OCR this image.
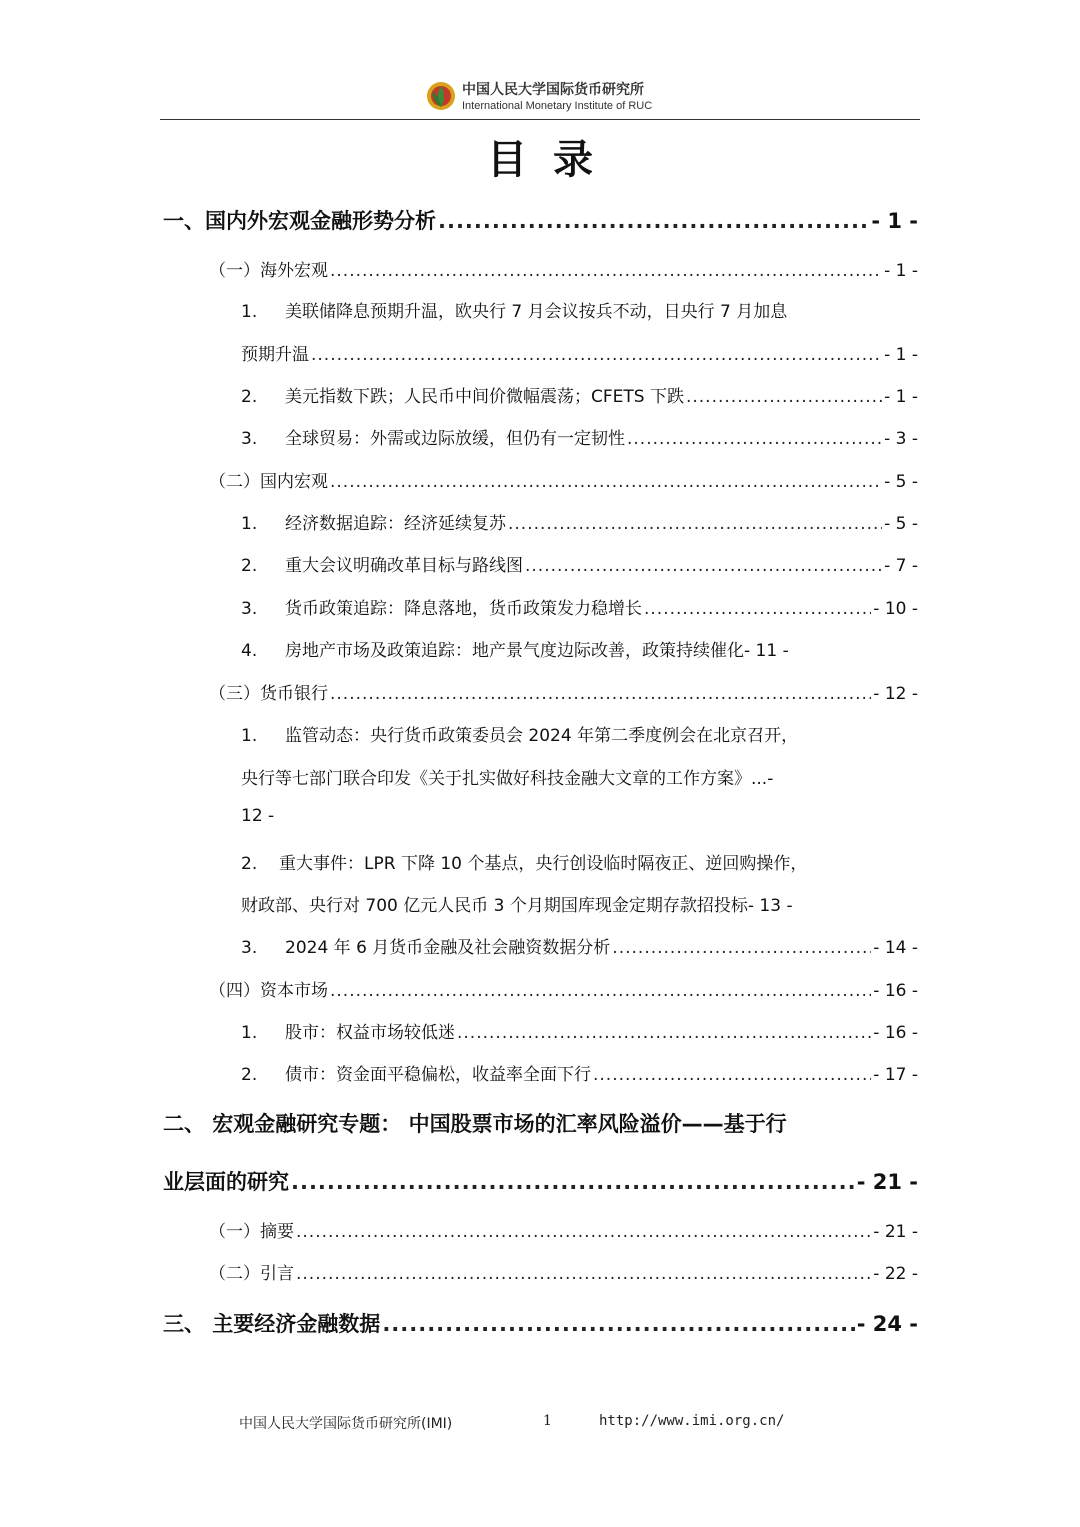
中国人民大学国际货币研究所
International Monetary Institute of RUC
目录
一、国内外宏观金融形势分析 .....	- 1 -
（一）海外宏观 .....	- 1 -
1. 美联储降息预期升温，欧央行 7 月会议按兵不动，日央行 7 月加息
预期升温 .....	- 1 -
2. 美元指数下跌；人民币中间价微幅震荡；CFETS 下跌 .....	- 1 -
3. 全球贸易：外需或边际放缓，但仍有一定韧性 .....	- 3 -
（二）国内宏观 .....	- 5 -
1. 经济数据追踪：经济延续复苏 .....	- 5 -
2. 重大会议明确改革目标与路线图 .....	- 7 -
3. 货币政策追踪：降息落地，货币政策发力稳增长 .....	- 10 -
4. 房地产市场及政策追踪：地产景气度边际改善，政策持续催化 - 11 -
（三）货币银行 .....	- 12 -
1. 监管动态：央行货币政策委员会 2024 年第二季度例会在北京召开，
央行等七部门联合印发《关于扎实做好科技金融大文章的工作方案》...-
12 -
2. 重大事件：LPR 下降 10 个基点，央行创设临时隔夜正、逆回购操作，
财政部、央行对 700 亿元人民币 3 个月期国库现金定期存款招投标 - 13 -
3. 2024 年 6 月货币金融及社会融资数据分析 .....	- 14 -
（四）资本市场 .....	- 16 -
1. 股市：权益市场较低迷 .....	- 16 -
2. 债市：资金面平稳偏松，收益率全面下行 .....	- 17 -
二、 宏观金融研究专题： 中国股票市场的汇率风险溢价——基于行
业层面的研究 .....	- 21 -
（一）摘要 .....	- 21 -
（二）引言 .....	- 22 -
三、 主要经济金融数据 .....	- 24 -
中国人民大学国际货币研究所(IMI)	1	http://www.imi.org.cn/
